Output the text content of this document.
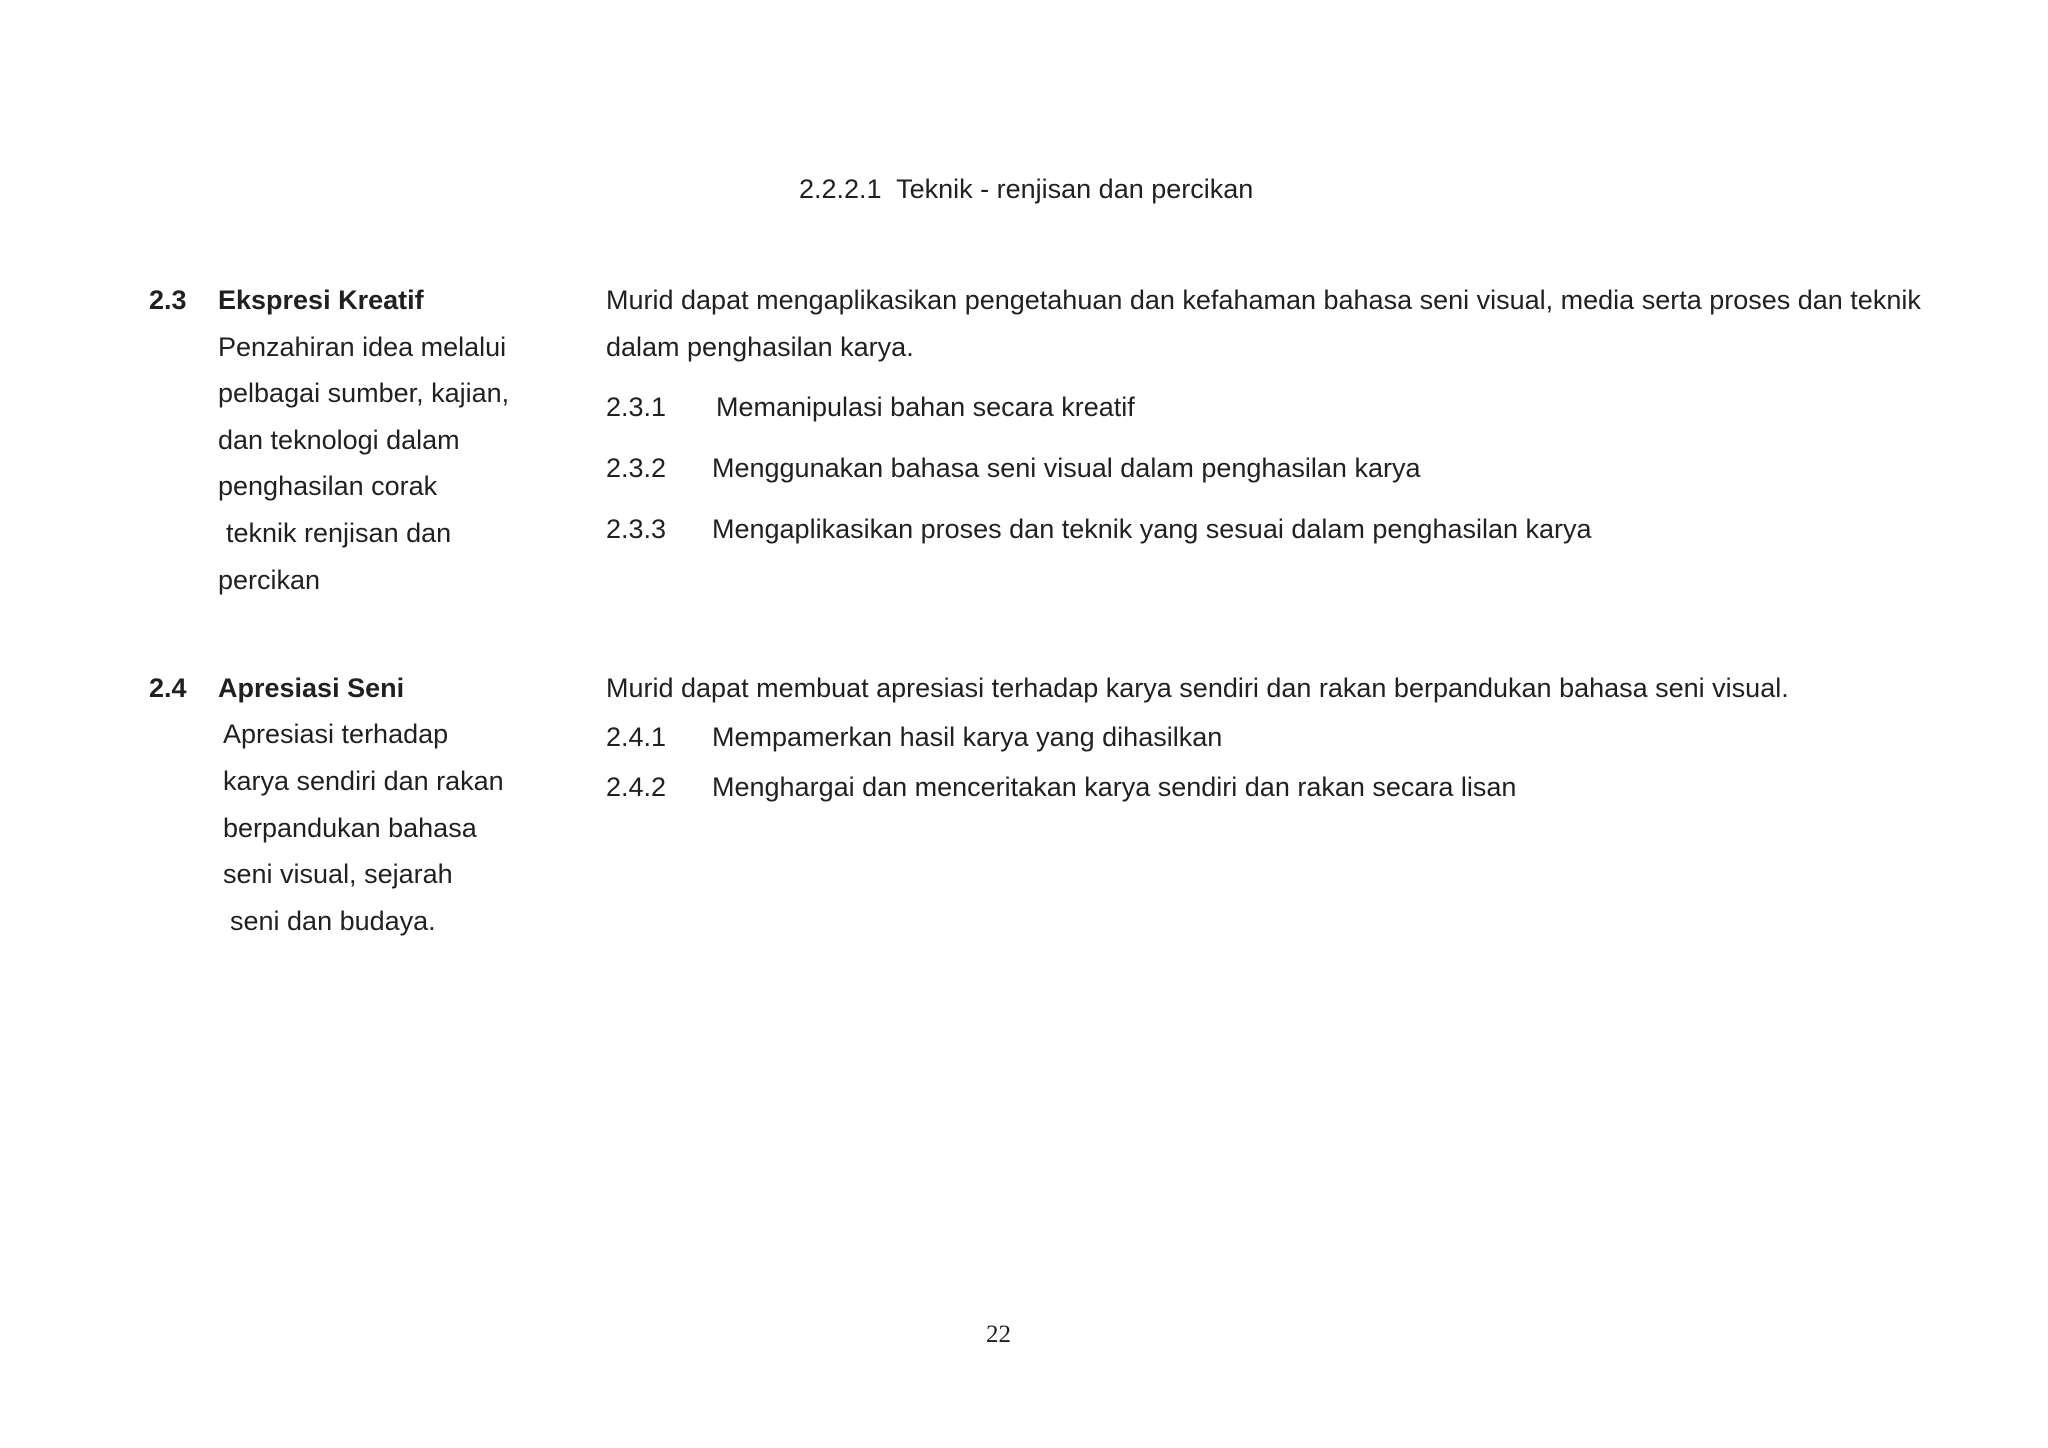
2.2.2.1 Teknik - renjisan dan percikan
2.3 Ekspresi Kreatif
Penzahiran idea melalui
pelbagai sumber, kajian,
dan teknologi dalam
penghasilan corak
teknik renjisan dan
percikan
Murid dapat mengaplikasikan pengetahuan dan kefahaman bahasa seni visual, media serta proses dan teknik
dalam penghasilan karya.
2.3.1 Memanipulasi bahan secara kreatif
2.3.2 Menggunakan bahasa seni visual dalam penghasilan karya
2.3.3 Mengaplikasikan proses dan teknik yang sesuai dalam penghasilan karya
2.4 Apresiasi Seni
Apresiasi terhadap
karya sendiri dan rakan
berpandukan bahasa
seni visual, sejarah
seni dan budaya.
Murid dapat membuat apresiasi terhadap karya sendiri dan rakan berpandukan bahasa seni visual.
2.4.1 Mempamerkan hasil karya yang dihasilkan
2.4.2 Menghargai dan menceritakan karya sendiri dan rakan secara lisan
22
